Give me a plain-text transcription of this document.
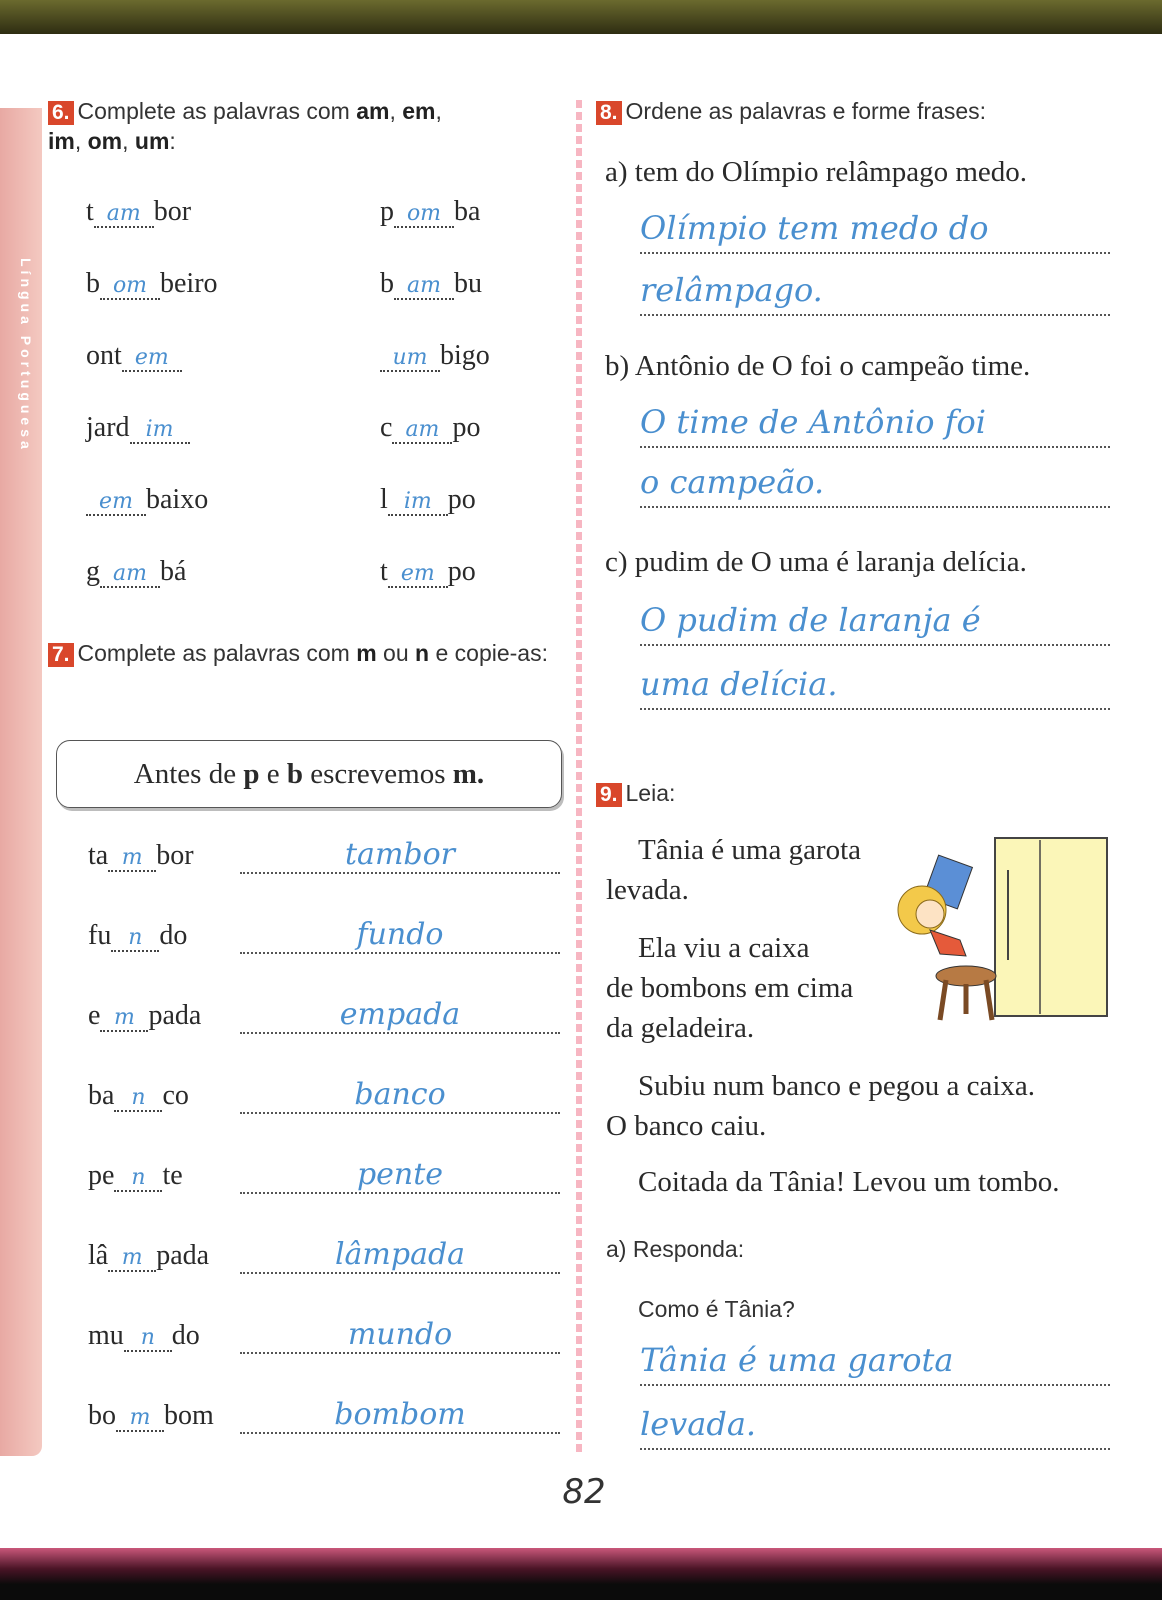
Língua Portuguesa
6. Complete as palavras com am, em,
im, om, um:
t am bor	p om ba
b om beiro	b am bu
ont em	um bigo
jard im	c am po
em baixo	l im po
g am bá	t em po
7. Complete as palavras com m ou n e copie-as:
Antes de p e b escrevemos m.
ta m bor	tambor
fu n do	fundo
e m pada	empada
ba n co	banco
pe n te	pente
lâ m pada	lâmpada
mu n do	mundo
bo m bom	bombom
8. Ordene as palavras e forme frases:
a) tem do Olímpio relâmpago medo.
Olímpio tem medo do
relâmpago.
b) Antônio de O foi o campeão time.
O time de Antônio foi
o campeão.
c) pudim de O uma é laranja delícia.
O pudim de laranja é
uma delícia.
9. Leia:
Tânia é uma garota
levada.
Ela viu a caixa
de bombons em cima
da geladeira.
Subiu num banco e pegou a caixa.
O banco caiu.
Coitada da Tânia! Levou um tombo.
a) Responda:
Como é Tânia?
Tânia é uma garota
levada.
82
